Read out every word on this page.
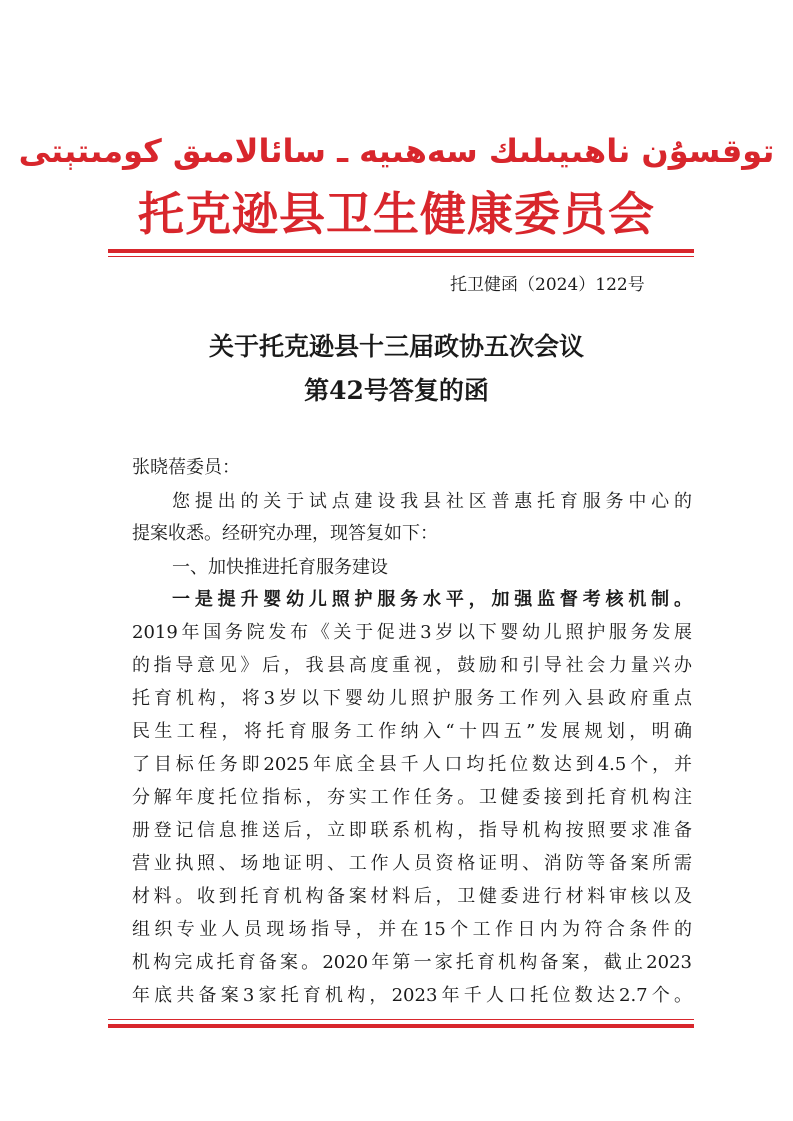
توقسۇن ناھىيىلىك سەھىيە ـ سائالامىق كومىتېتى
托克逊县卫生健康委员会
托卫健函（2024）122号
关于托克逊县十三届政协五次会议
第42号答复的函
张晓蓓委员：
您提出的关于试点建设我县社区普惠托育服务中心的
提案收悉。经研究办理，现答复如下：
一、加快推进托育服务建设
一是提升婴幼儿照护服务水平，加强监督考核机制。
2019年国务院发布《关于促进3岁以下婴幼儿照护服务发展
的指导意见》后，我县高度重视，鼓励和引导社会力量兴办
托育机构，将3岁以下婴幼儿照护服务工作列入县政府重点
民生工程，将托育服务工作纳入“十四五”发展规划，明确
了目标任务即2025年底全县千人口均托位数达到4.5个，并
分解年度托位指标，夯实工作任务。卫健委接到托育机构注
册登记信息推送后，立即联系机构，指导机构按照要求准备
营业执照、场地证明、工作人员资格证明、消防等备案所需
材料。收到托育机构备案材料后，卫健委进行材料审核以及
组织专业人员现场指导，并在15个工作日内为符合条件的
机构完成托育备案。2020年第一家托育机构备案，截止2023
年底共备案3家托育机构，2023年千人口托位数达2.7个。
